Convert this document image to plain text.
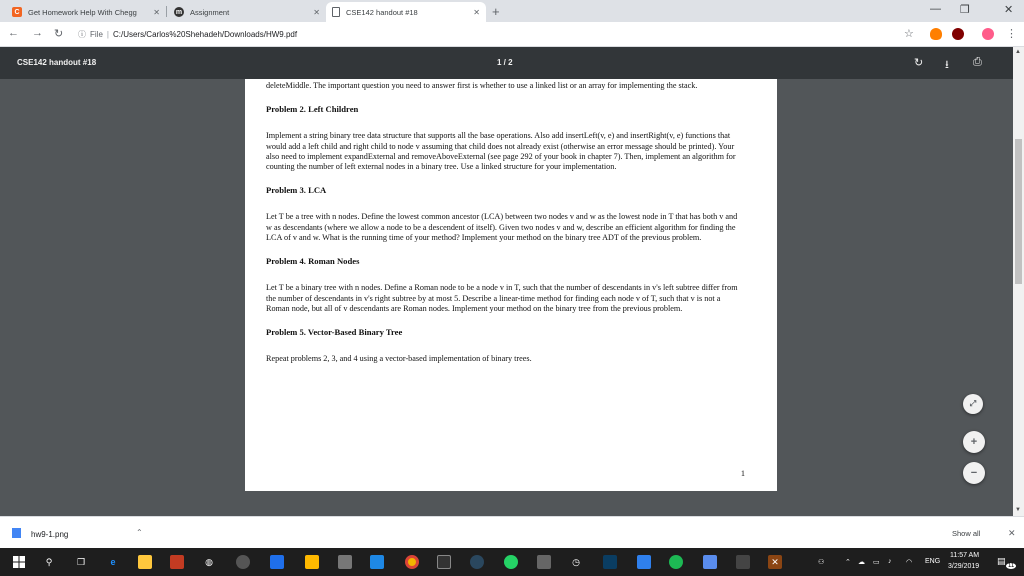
C	Get Homework Help With Chegg	✕ m Assignment	✕	CSE142 handout #18	✕ +	— ❐	✕
← → ↻ ⓘ File | C:/Users/Carlos%20Shehadeh/Downloads/HW9.pdf	☆	⋮
CSE142 handout #18	1 / 2	↻ ⭳ ⎙

deleteMiddle. The important question you need to answer first is whether to use a linked list or an array for implementing the stack.

Problem 2. Left Children

Implement a string binary tree data structure that supports all the base operations. Also add insertLeft(v, e) and insertRight(v, e) functions that would add a left child and right child to node v assuming that child does not already exist (otherwise an error message should be printed). Your also need to implement expandExternal and removeAboveExternal (see page 292 of your book in chapter 7). Then, implement an algorithm for counting the number of left external nodes in a binary tree. Use a linked structure for your implementation.

Problem 3. LCA

Let T be a tree with n nodes. Define the lowest common ancestor (LCA) between two nodes v and w as the lowest node in T that has both v and w as descendants (where we allow a node to be a descendent of itself). Given two nodes v and w, describe an efficient algorithm for finding the LCA of v and w. What is the running time of your method? Implement your method on the binary tree ADT of the previous problem.

Problem 4. Roman Nodes

Let T be a binary tree with n nodes. Define a Roman node to be a node v in T, such that the number of descendants in v's left subtree differ from the number of descendants in v's right subtree by at most 5. Describe a linear-time method for finding each node v of T, such that v is not a Roman node, but all of v descendants are Roman nodes. Implement your method on the binary tree from the previous problem.

Problem 5. Vector-Based Binary Tree

Repeat problems 2, 3, and 4 using a vector-based implementation of binary trees.

1
⤢
+
−
▲
▼
hw9-1.png	⌃	Show all	✕
⚲	❒	e	◍	◷	✕	⚇	⌃ ☁ ▭ ♪ ◠ ENG
11:57 AM
3/29/2019
▤ 11
